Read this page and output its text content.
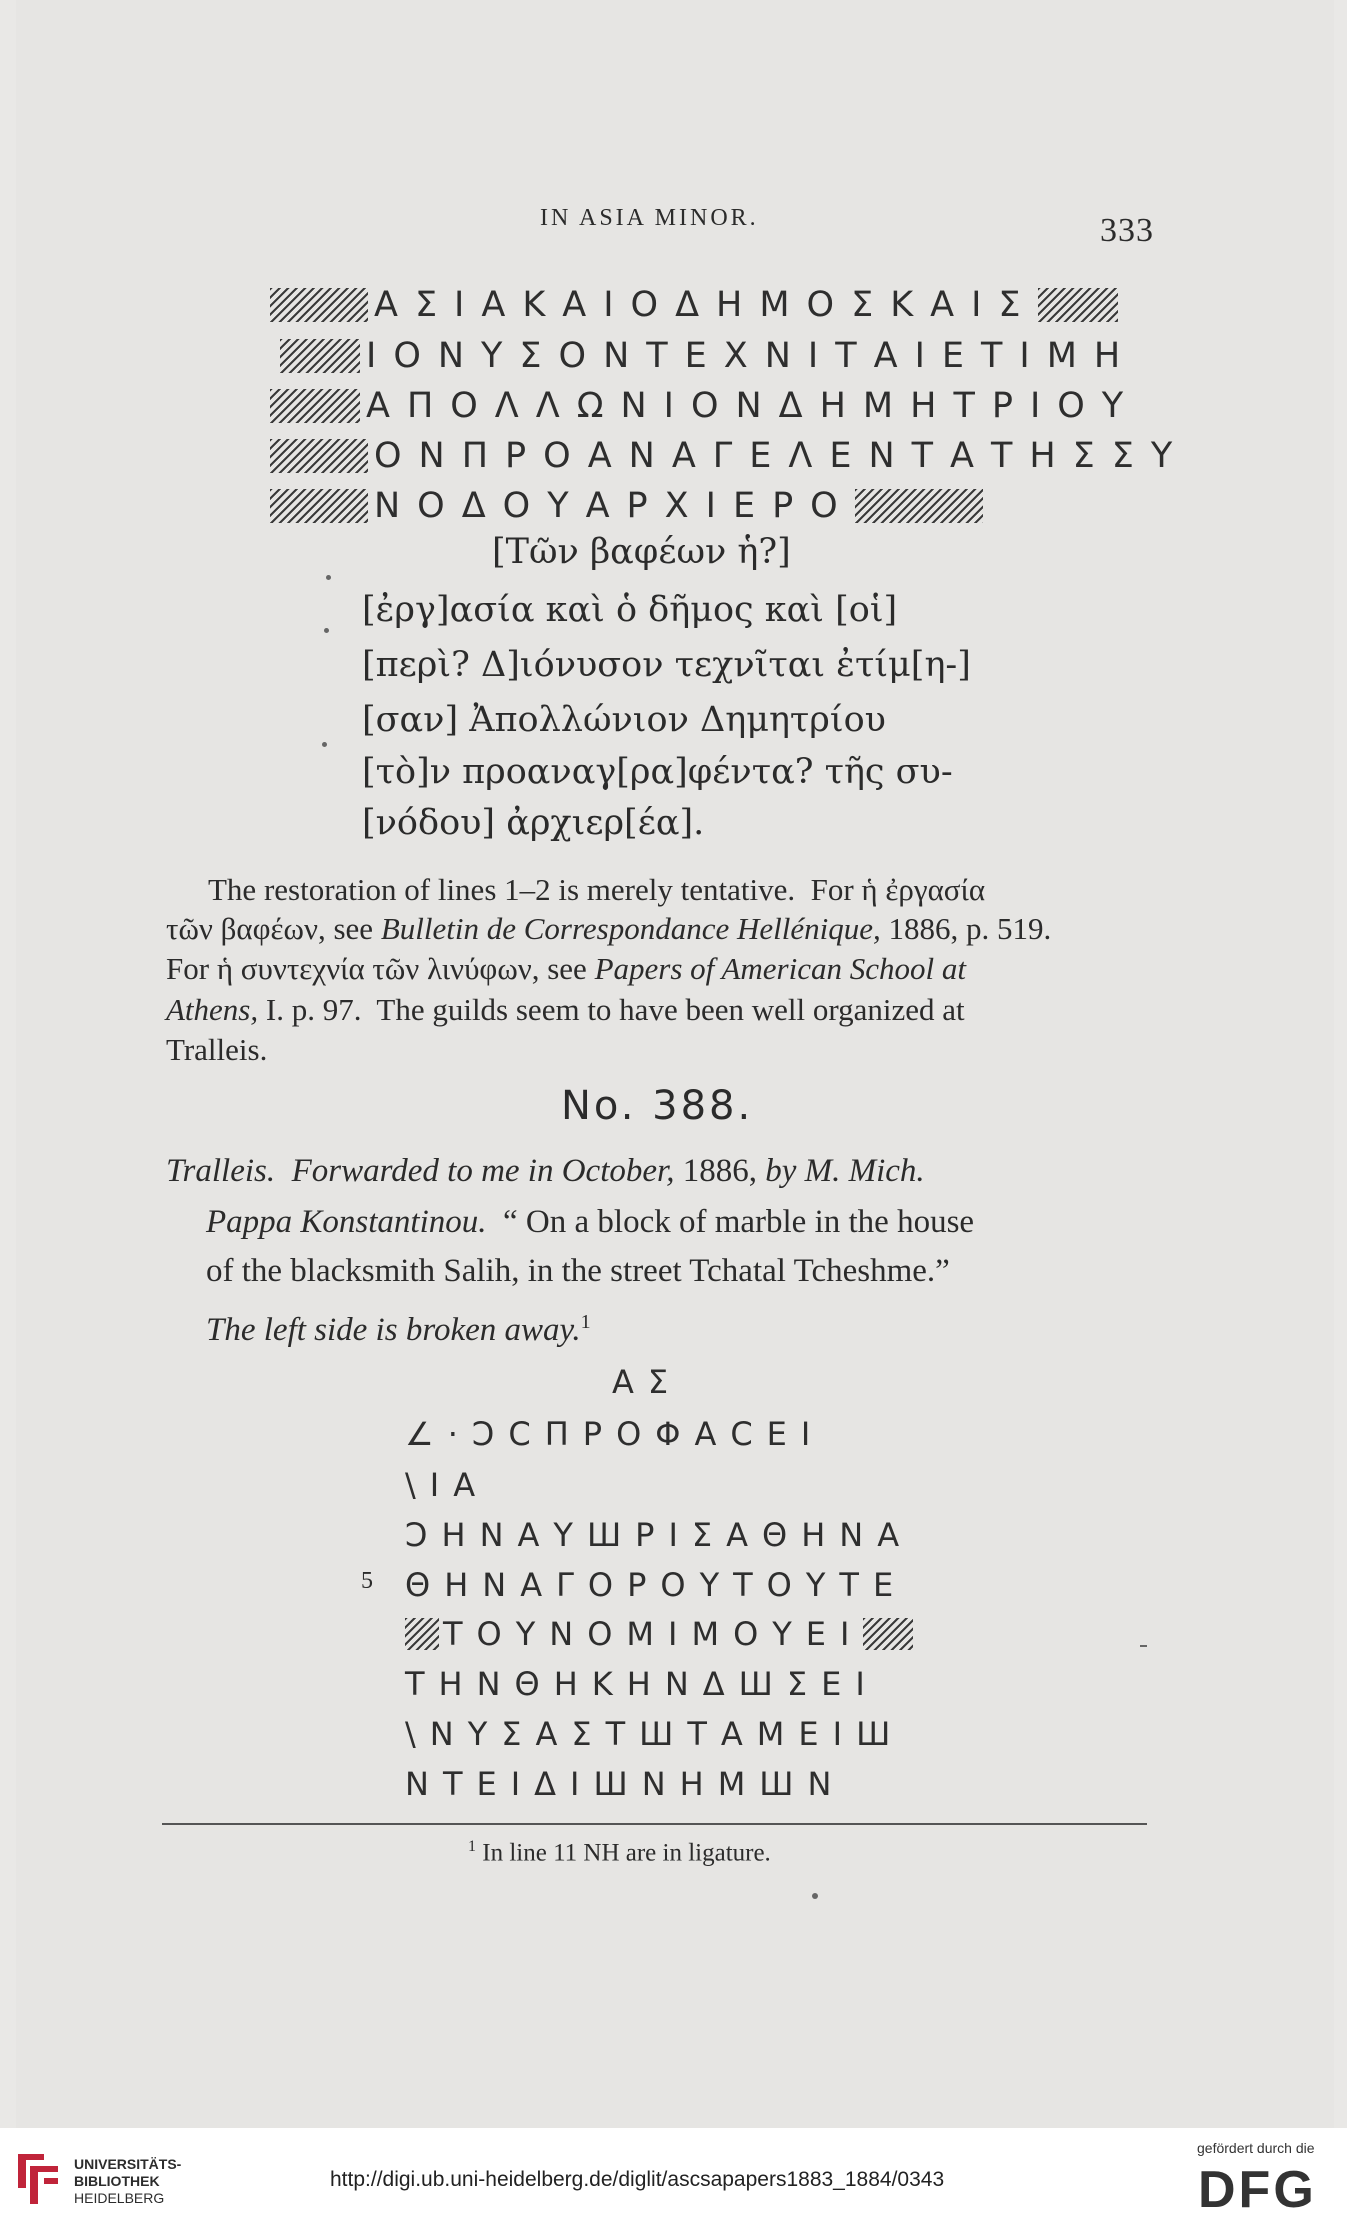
IN ASIA MINOR.	333
ΑΣΙΑΚΑΙΟΔΗΜΟΣΚΑΙΣ
ΙΟΝΥΣΟΝΤΕΧΝΙΤΑΙΕΤΙΜΗ
ΑΠΟΛΛΩΝΙΟΝΔΗΜΗΤΡΙΟΥ
ΟΝΠΡΟΑΝΑΓΕΛΕΝΤΑΤΗΣΣΥ
ΝΟΔΟΥΑΡΧΙΕΡΟ
[Τῶν βαφέων ἡ?]
[ἐργ]ασία καὶ ὁ δῆμος καὶ [οἱ]
[περὶ? Δ]ιόνυσον τεχνῖται ἐτίμ[η-]
[σαν] Ἀπολλώνιον Δημητρίου
[τὸ]ν προαναγ[ρα]φέντα? τῆς συ-
[νόδου] ἀρχιερ[έα].
The restoration of lines 1–2 is merely tentative.  For ἡ ἐργασία
τῶν βαφέων, see Bulletin de Correspondance Hellénique, 1886, p. 519.
For ἡ συντεχνία τῶν λινύφων, see Papers of American School at
Athens, I. p. 97.  The guilds seem to have been well organized at
Tralleis.
No. 388.
Tralleis.  Forwarded to me in October, 1886, by M. Mich.
Pappa Konstantinou.  “ On a block of marble in the house
of the blacksmith Salih, in the street Tchatal Tcheshme.”
The left side is broken away.$^1$
ΑΣ
∠·ϽϹΠΡΟΦΑϹΕΙ
\ΙΑ
ϽΗΝΑΥШΡΙΣΑΘΗΝΑ
5 ΘΗΝΑΓΟΡΟΥΤΟΥΤΕ
ΤΟΥΝΟΜΙΜΟΥΕΙ
ΤΗΝΘΗΚΗΝΔШΣΕΙ
\ΝΥΣΑΣΤШΤΑΜΕΙШ
ΝΤΕΙΔΙШΝΗΜШΝ
$^1$ In line 11 NH are in ligature.
UNIVERSITÄTS-
BIBLIOTHEK
HEIDELBERG
http://digi.ub.uni-heidelberg.de/diglit/ascsapapers1883_1884/0343
gefördert durch die
DFG
